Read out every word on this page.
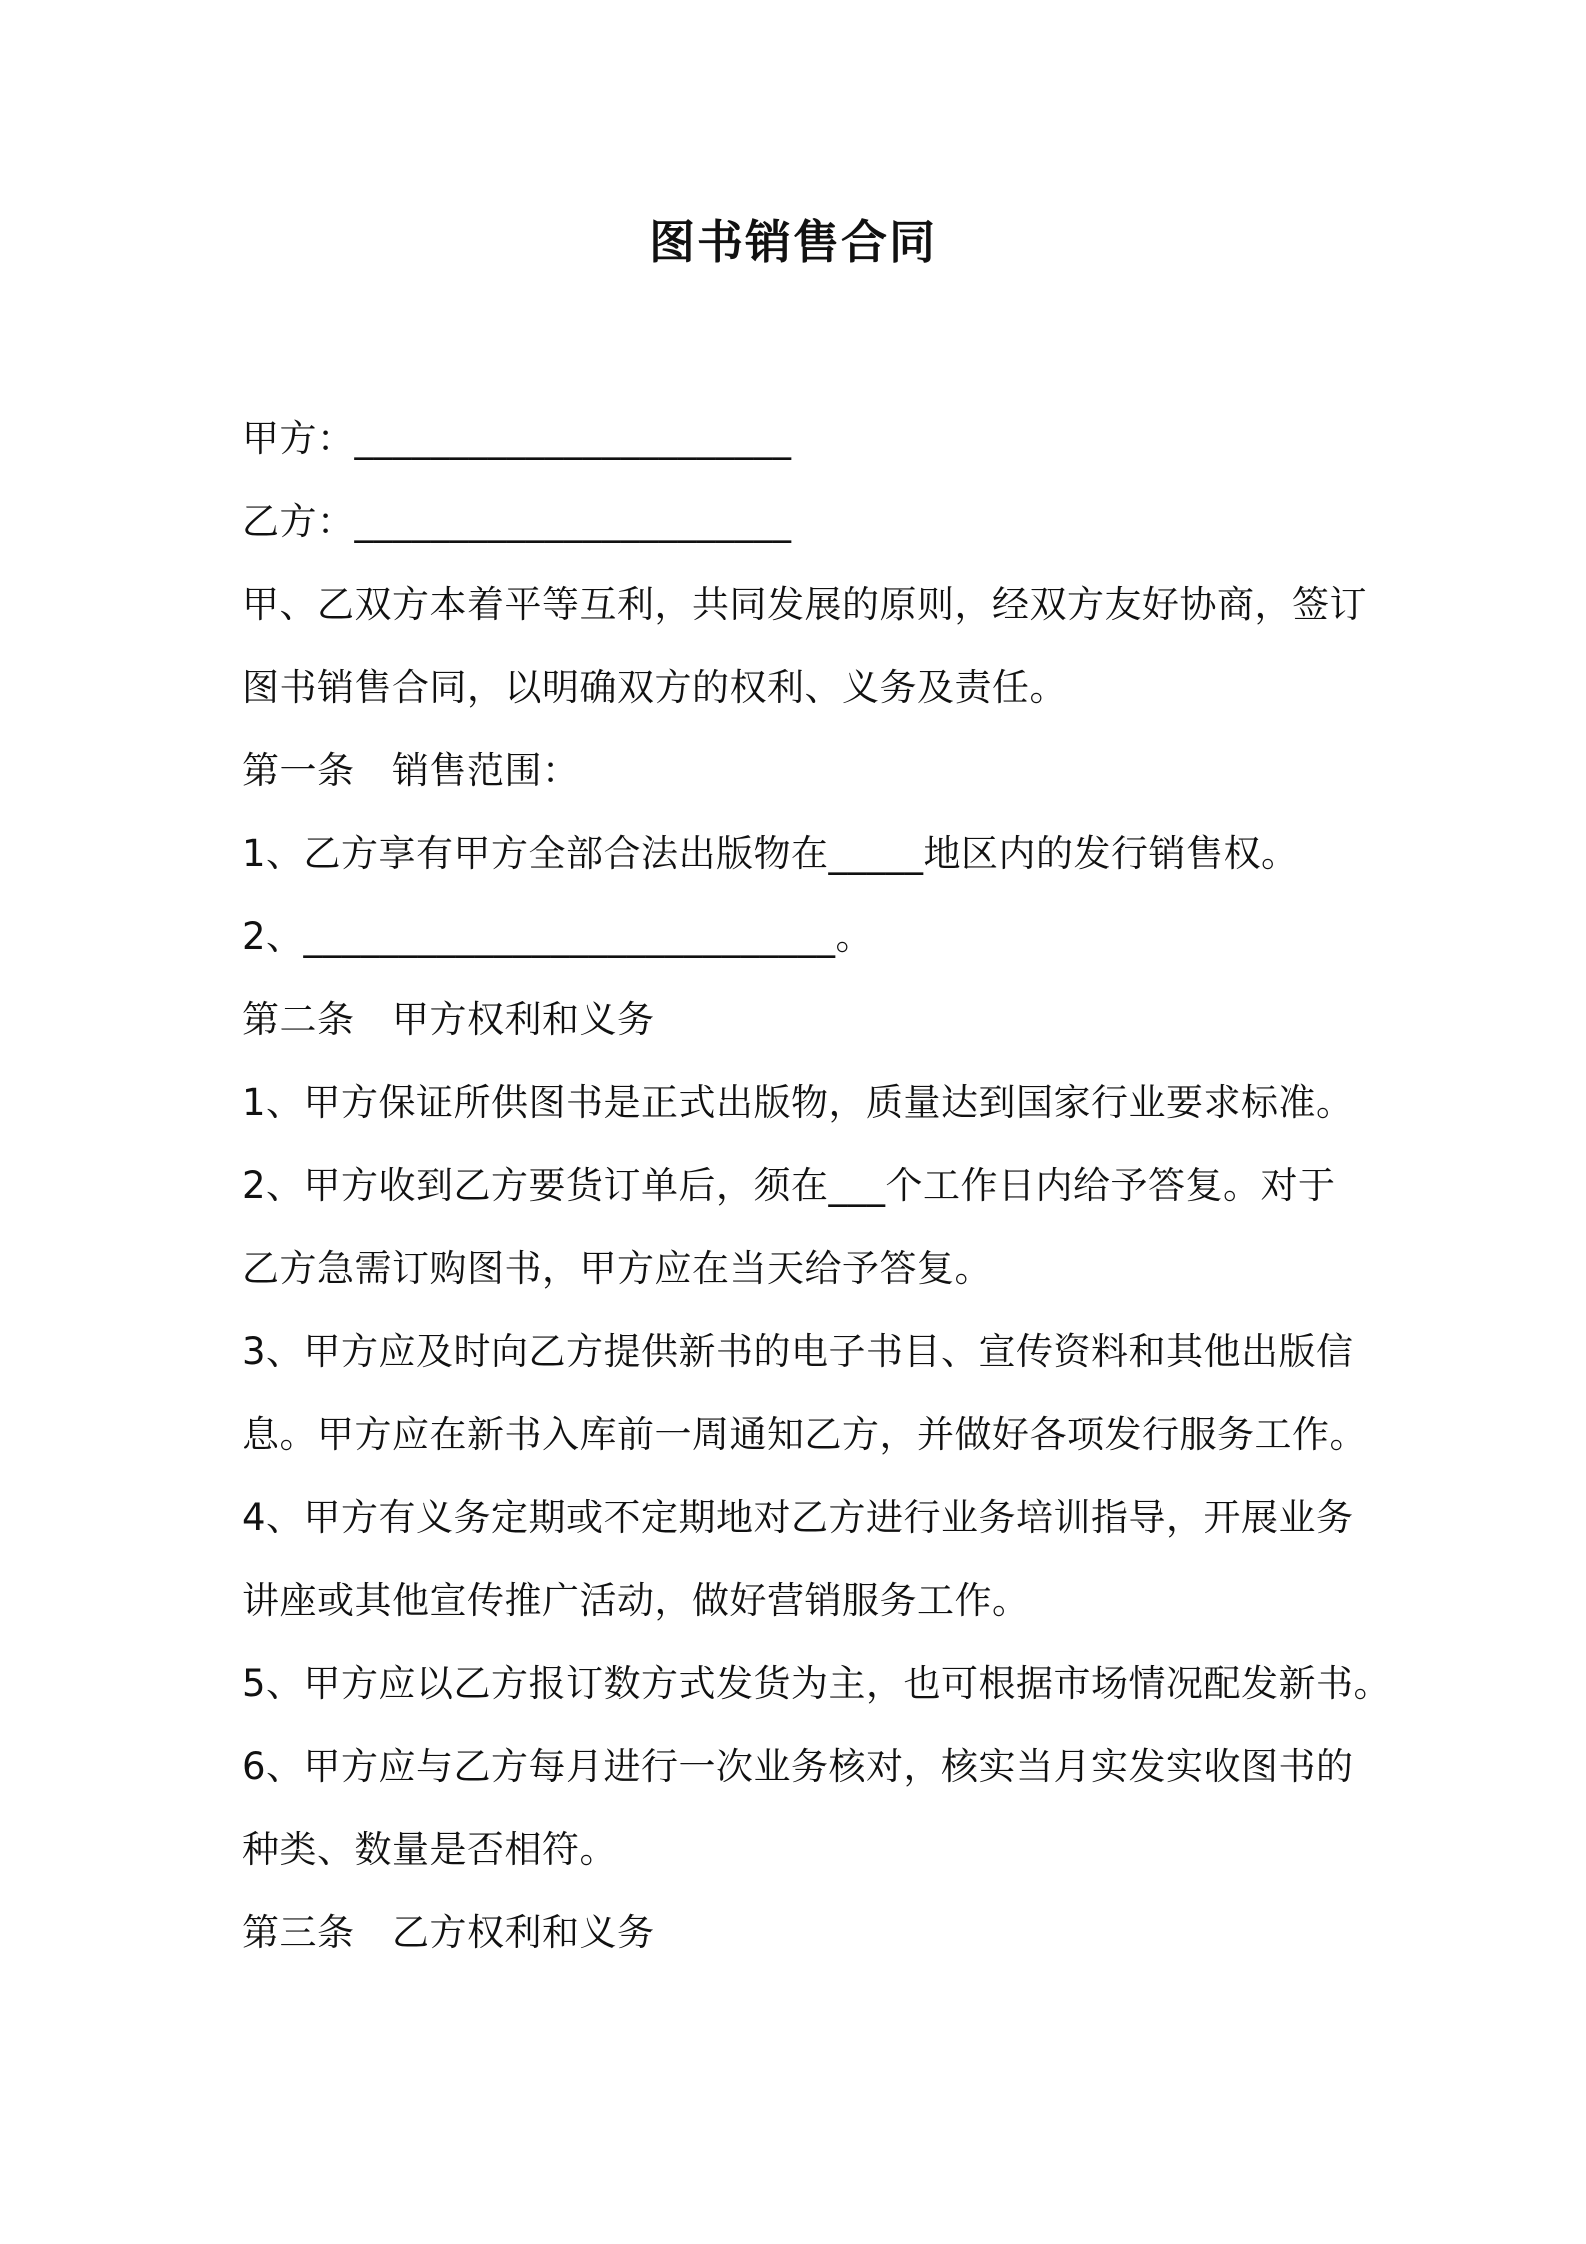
图书销售合同
甲方：_______________________
乙方：_______________________
甲、乙双方本着平等互利，共同发展的原则，经双方友好协商，签订
图书销售合同，以明确双方的权利、义务及责任。
第一条　销售范围：
1、乙方享有甲方全部合法出版物在_____地区内的发行销售权。
2、____________________________。
第二条　甲方权利和义务
1、甲方保证所供图书是正式出版物，质量达到国家行业要求标准。
2、甲方收到乙方要货订单后，须在___个工作日内给予答复。对于
乙方急需订购图书，甲方应在当天给予答复。
3、甲方应及时向乙方提供新书的电子书目、宣传资料和其他出版信
息。甲方应在新书入库前一周通知乙方，并做好各项发行服务工作。
4、甲方有义务定期或不定期地对乙方进行业务培训指导，开展业务
讲座或其他宣传推广活动，做好营销服务工作。
5、甲方应以乙方报订数方式发货为主，也可根据市场情况配发新书。
6、甲方应与乙方每月进行一次业务核对，核实当月实发实收图书的
种类、数量是否相符。
第三条　乙方权利和义务
